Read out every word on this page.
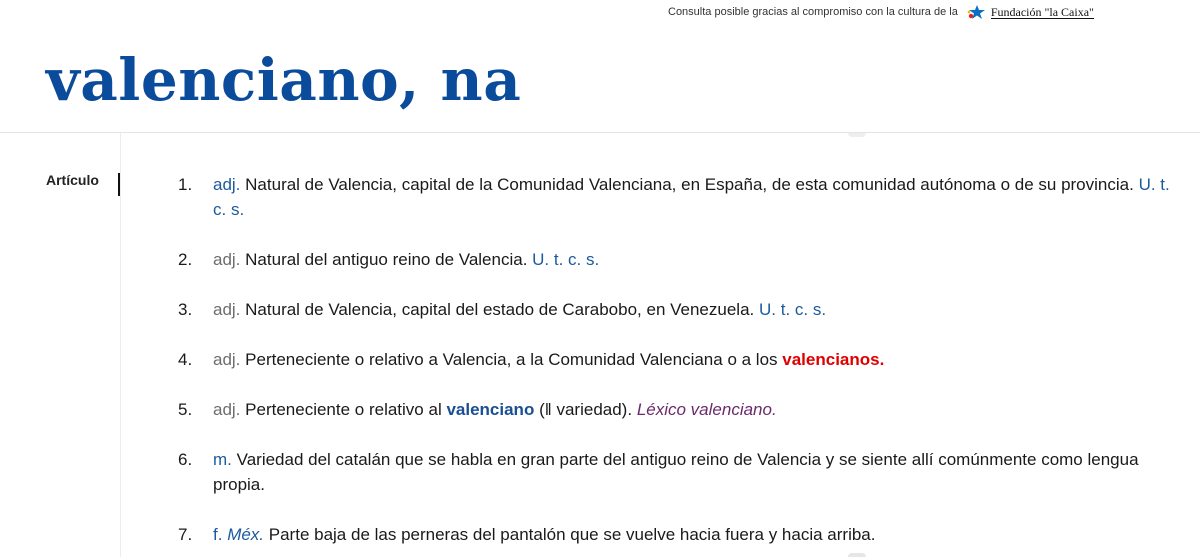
Consulta posible gracias al compromiso con la cultura de la	Fundación "la Caixa"
valenciano, na
Artículo	1. adj. Natural de Valencia, capital de la Comunidad Valenciana, en España, de esta comunidad autónoma o de su provincia. U. t. c. s.
2. adj. Natural del antiguo reino de Valencia. U. t. c. s.
3. adj. Natural de Valencia, capital del estado de Carabobo, en Venezuela. U. t. c. s.
4. adj. Perteneciente o relativo a Valencia, a la Comunidad Valenciana o a los valencianos.
5. adj. Perteneciente o relativo al valenciano (‖ variedad). Léxico valenciano.
6. m. Variedad del catalán que se habla en gran parte del antiguo reino de Valencia y se siente allí comúnmente como lengua propia.
7. f. Méx. Parte baja de las perneras del pantalón que se vuelve hacia fuera y hacia arriba.
